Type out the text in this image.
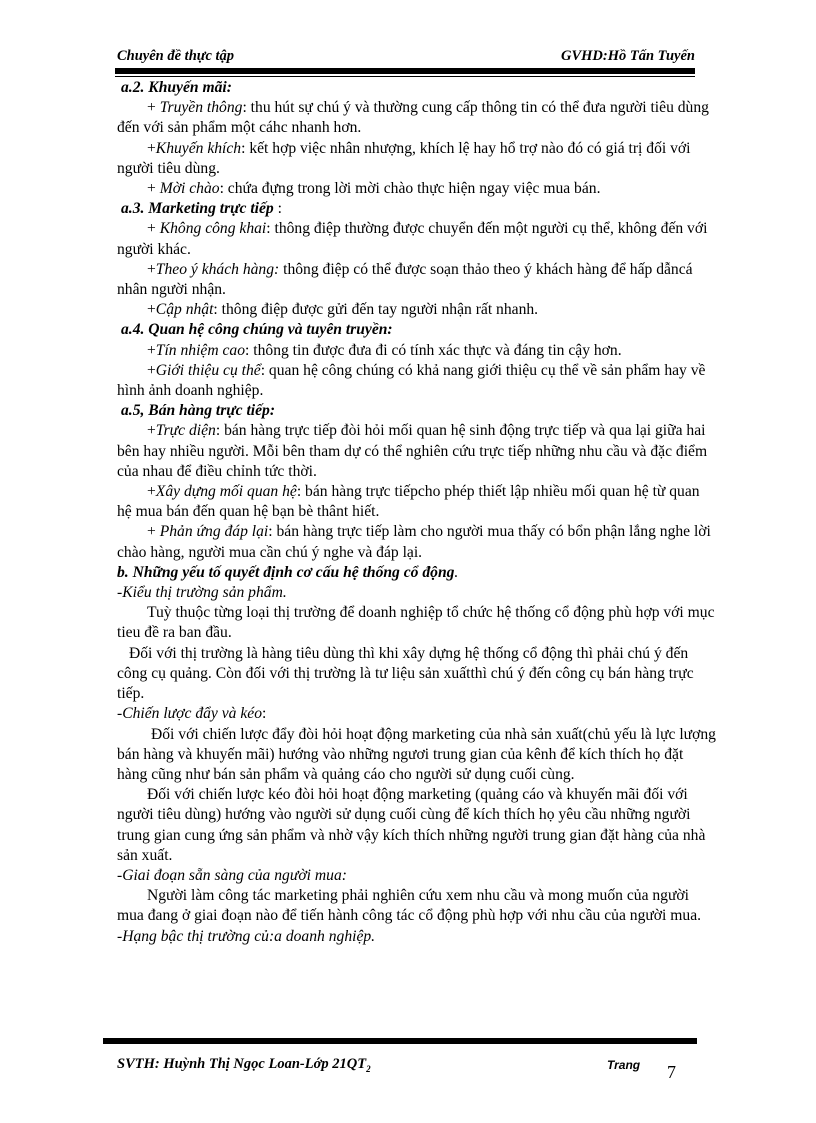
Chuyên đề thực tập	GVHD:Hồ Tấn Tuyến

a.2. Khuyến mãi:

+ Truyền thông: thu hút sự chú ý và thường cung cấp thông tin có thể đưa người tiêu dùng đến với sản phẩm một cáhc nhanh hơn.

+Khuyến khích: kết hợp việc nhân nhượng, khích lệ hay hổ trợ nào đó có giá trị đối với người tiêu dùng.

+ Mời chào: chứa đựng trong lời mời chào thực hiện ngay việc mua bán.

a.3. Marketing trực tiếp :

+ Không công khai: thông điệp thường được chuyển đến một người cụ thể, không đến với người khác.

+Theo ý khách hàng: thông điệp có thể được soạn thảo theo ý khách hàng để hấp dẫncá nhân người nhận.

+Cập nhật: thông điệp được gửi đến tay người nhận rất nhanh.

a.4. Quan hệ công chúng và tuyên truyền:

+Tín nhiệm cao: thông tin được đưa đi có tính xác thực và đáng tin cậy hơn.

+Giới thiệu cụ thể: quan hệ công chúng có khả nang giới thiệu cụ thể về sản phẩm hay về hình ảnh doanh nghiệp.

a.5, Bán hàng trực tiếp:

+Trực diện: bán hàng trực tiếp đòi hỏi mối quan hệ sinh động trực tiếp và qua lại giữa hai bên hay nhiều người. Mỗi bên tham dự có thể nghiên cứu trực tiếp những nhu cầu và đặc điểm của nhau để điều chỉnh tức thời.

+Xây dựng mối quan hệ: bán hàng trực tiếpcho phép thiết lập nhiều mối quan hệ từ quan hệ mua bán đến quan hệ bạn bè thânt hiết.

+ Phản ứng đáp lại: bán hàng trực tiếp làm cho người mua thấy có bổn phận lắng nghe lời chào hàng, người mua cần chú ý nghe và đáp lại.

b. Những yếu tố quyết định cơ cấu hệ thống cổ động.

-Kiểu thị trường sản phẩm.

Tuỳ thuộc từng loại thị trường để doanh nghiệp tổ chức hệ thống cổ động phù hợp với mục tieu đề ra ban đầu.

Đối với thị trường là hàng tiêu dùng thì khi xây dựng hệ thống cổ động thì phải chú ý đến công cụ quảng. Còn đối với thị trường là tư liệu sản xuấtthì chú ý đến công cụ bán hàng trực tiếp.

-Chiến lược đẩy và kéo:

Đối với chiến lược đẩy đòi hỏi hoạt động marketing của nhà sản xuất(chủ yếu là lực lượng bán hàng và khuyến mãi) hướng vào những ngươi trung gian của kênh để kích thích họ đặt hàng cũng như bán sản phẩm và quảng cáo cho người sử dụng cuối cùng.

Đối với chiến lược kéo đòi hỏi hoạt động marketing (quảng cáo và khuyến mãi đối với người tiêu dùng) hướng vào người sử dụng cuối cùng để kích thích họ yêu cầu những người trung gian cung ứng sản phẩm và nhờ vậy kích thích những người trung gian đặt hàng của nhà sản xuất.

-Giai đoạn sẵn sàng của người mua:

Người làm công tác marketing phải nghiên cứu xem nhu cầu và mong muốn của người mua đang ở giai đoạn nào để tiến hành công tác cổ động phù hợp với nhu cầu của người mua.

-Hạng bậc thị trường củ:a doanh nghiệp.

SVTH: Huỳnh Thị Ngọc Loan-Lớp $21QT_2$	Trang 7
